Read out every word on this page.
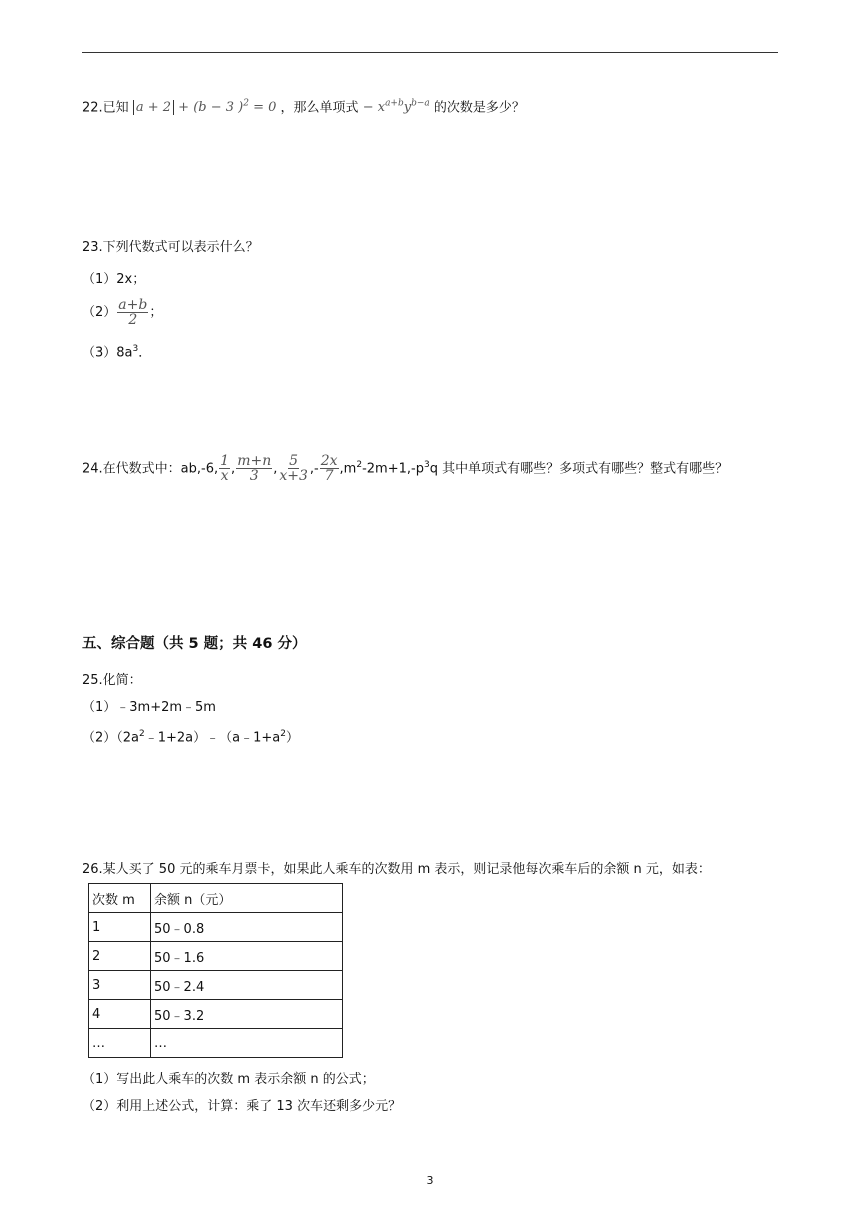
22.已知 a + 2 + (b − 3 )$^2$ = 0 ，那么单项式 − $x^{a+b}y^{b-a}$ 的次数是多少？
23.下列代数式可以表示什么？
（1）2x；
$(2) \frac{a+b}{2}$ ；
$(3)8a^3$．
24.在代数式中：ab,-6, $\frac{1}{x}$ , $\frac{m+n}{3}$ , $\frac{5}{x+3}$ ,- $\frac{2x}{7} ,m^2-2m+1,-p^3q$ 其中单项式有哪些？多项式有哪些？整式有哪些？
五、综合题（共 5 题；共 46 分）
25.化简：
（1）﹣3m+2m﹣5m
$(2)(2a^2﹣1+2a)﹣(a﹣1+a^2)$
26.某人买了 50 元的乘车月票卡，如果此人乘车的次数用 m 表示，则记录他每次乘车后的余额 n 元，如表：
次数 m	余额 n（元）
1	50﹣0.8
2	50﹣1.6
3	50﹣2.4
4	50﹣3.2
…	…
（1）写出此人乘车的次数 m 表示余额 n 的公式；
（2）利用上述公式，计算：乘了 13 次车还剩多少元？
3
